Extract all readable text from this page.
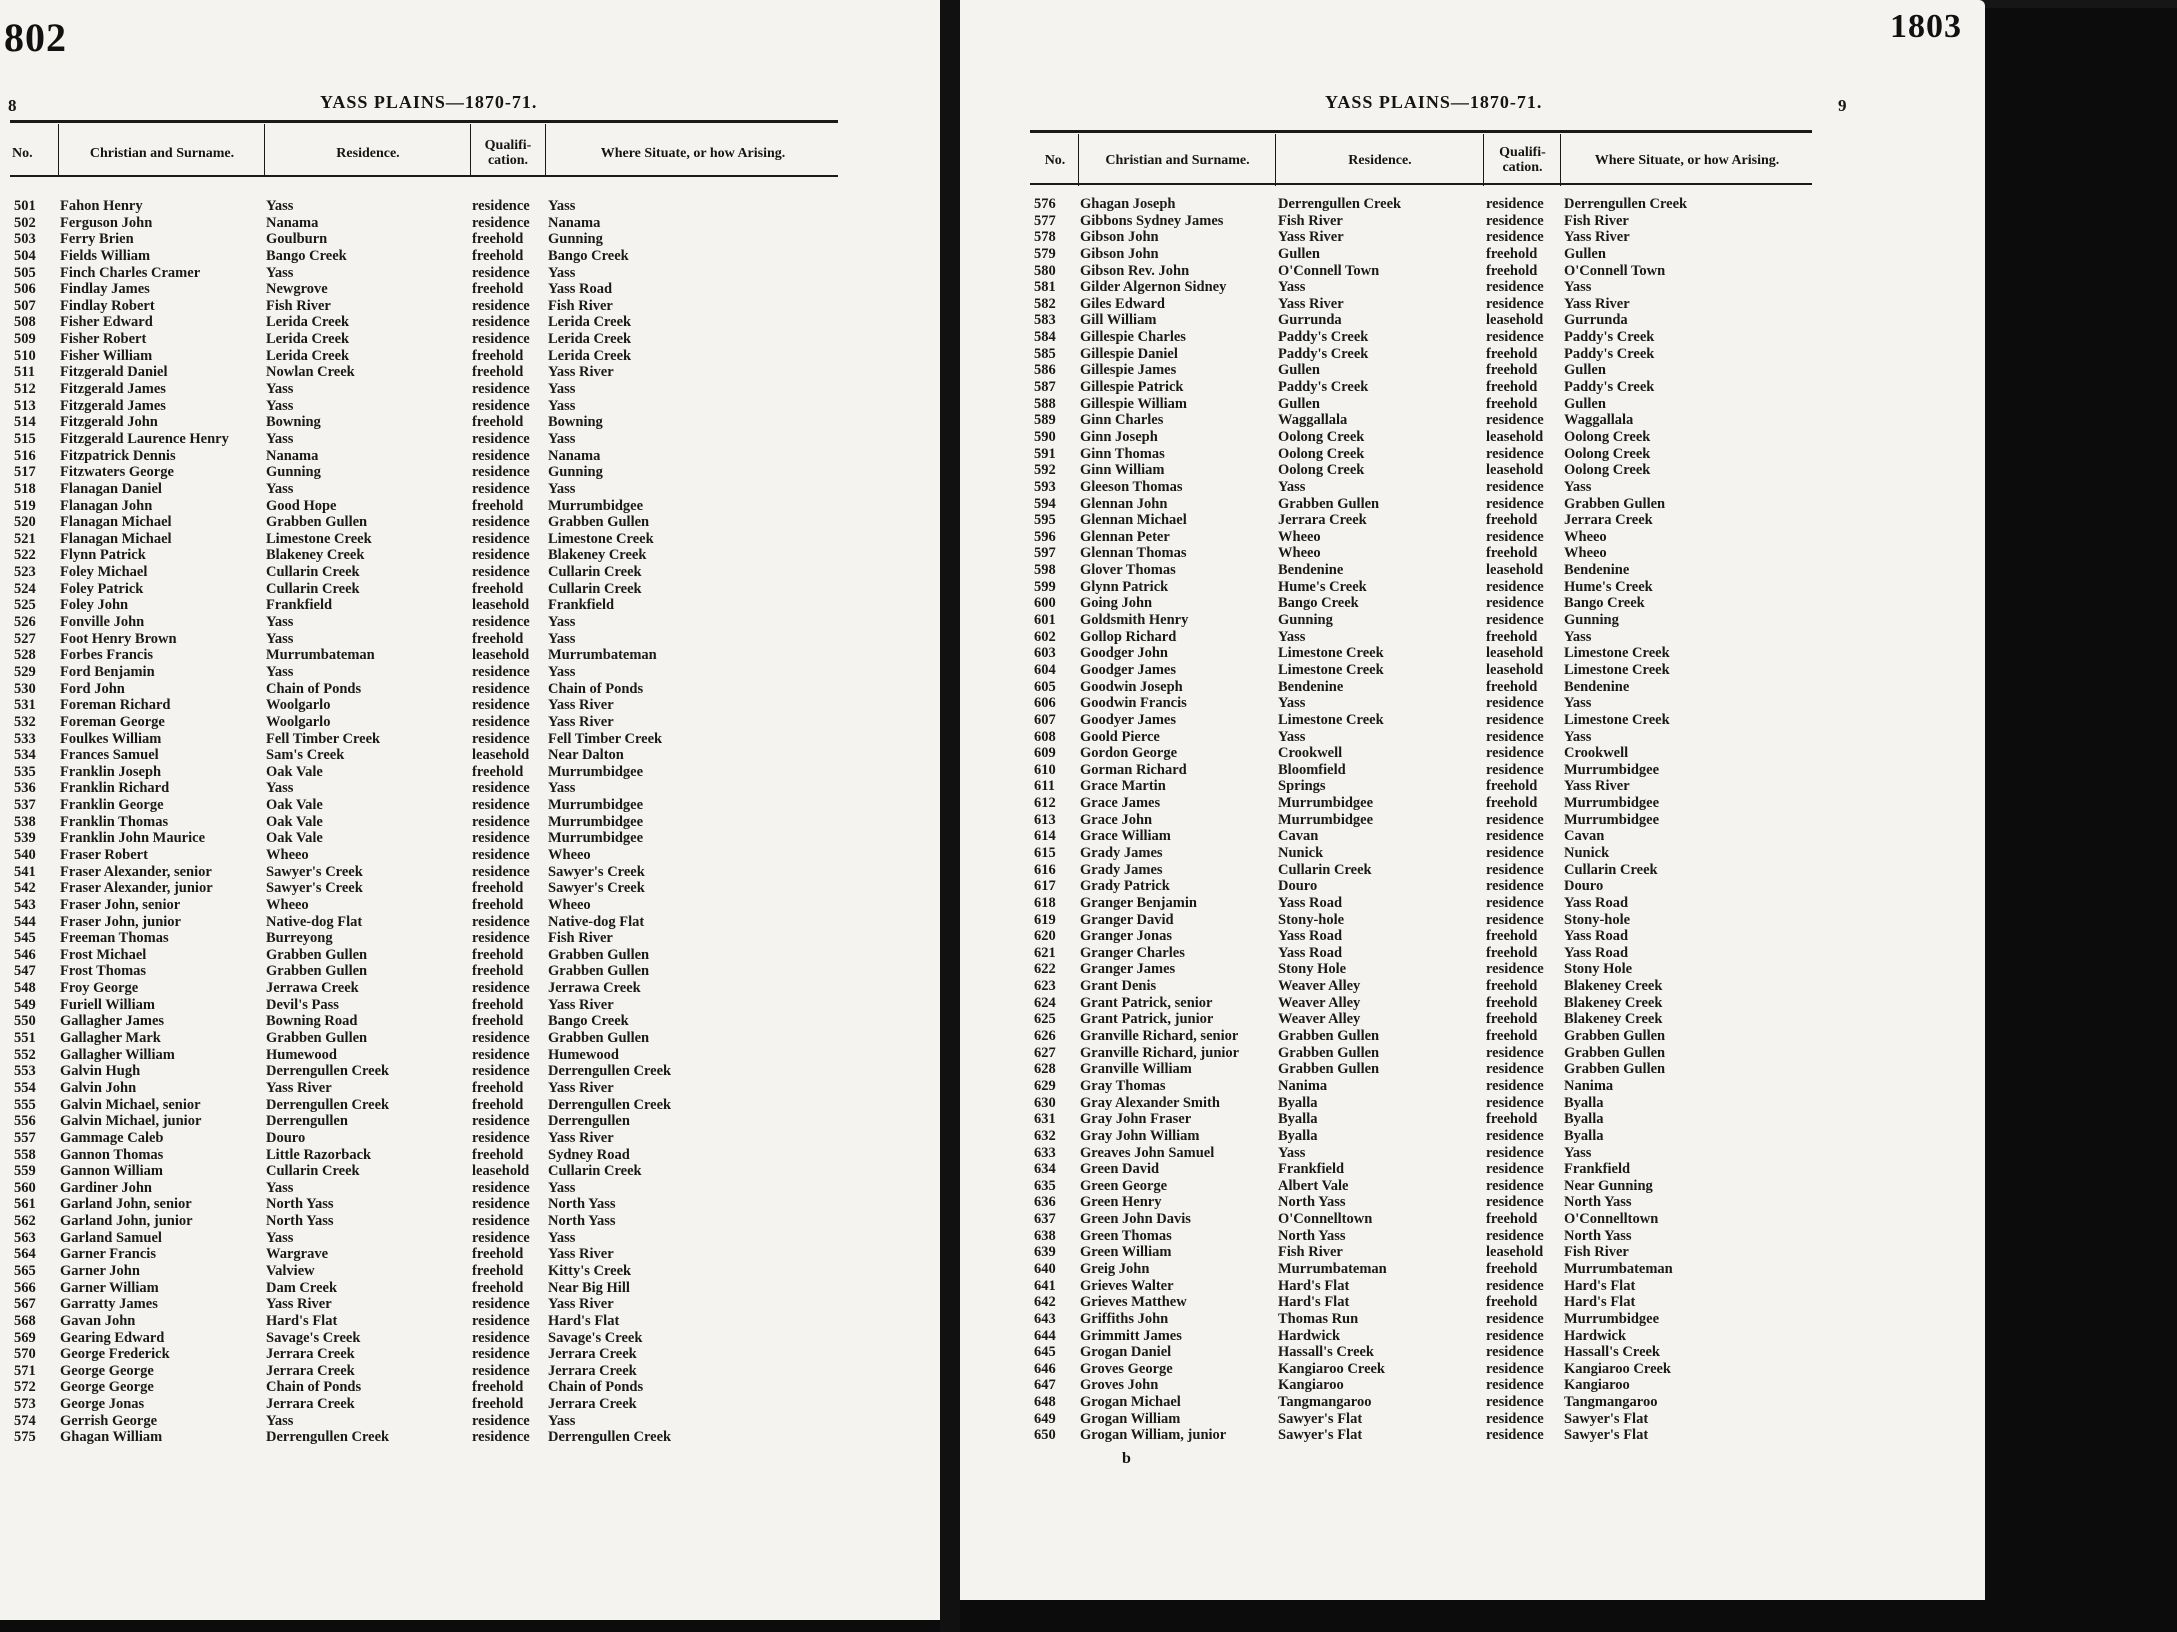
802
8	YASS PLAINS—1870-71.
No.	Christian and Surname.	Residence.	Qualifi-cation.	Where Situate, or how Arising.
501	Fahon Henry	Yass	residence	Yass
502	Ferguson John	Nanama	residence	Nanama
503	Ferry Brien	Goulburn	freehold	Gunning
504	Fields William	Bango Creek	freehold	Bango Creek
505	Finch Charles Cramer	Yass	residence	Yass
506	Findlay James	Newgrove	freehold	Yass Road
507	Findlay Robert	Fish River	residence	Fish River
508	Fisher Edward	Lerida Creek	residence	Lerida Creek
509	Fisher Robert	Lerida Creek	residence	Lerida Creek
510	Fisher William	Lerida Creek	freehold	Lerida Creek
511	Fitzgerald Daniel	Nowlan Creek	freehold	Yass River
512	Fitzgerald James	Yass	residence	Yass
513	Fitzgerald James	Yass	residence	Yass
514	Fitzgerald John	Bowning	freehold	Bowning
515	Fitzgerald Laurence Henry	Yass	residence	Yass
516	Fitzpatrick Dennis	Nanama	residence	Nanama
517	Fitzwaters George	Gunning	residence	Gunning
518	Flanagan Daniel	Yass	residence	Yass
519	Flanagan John	Good Hope	freehold	Murrumbidgee
520	Flanagan Michael	Grabben Gullen	residence	Grabben Gullen
521	Flanagan Michael	Limestone Creek	residence	Limestone Creek
522	Flynn Patrick	Blakeney Creek	residence	Blakeney Creek
523	Foley Michael	Cullarin Creek	residence	Cullarin Creek
524	Foley Patrick	Cullarin Creek	freehold	Cullarin Creek
525	Foley John	Frankfield	leasehold	Frankfield
526	Fonville John	Yass	residence	Yass
527	Foot Henry Brown	Yass	freehold	Yass
528	Forbes Francis	Murrumbateman	leasehold	Murrumbateman
529	Ford Benjamin	Yass	residence	Yass
530	Ford John	Chain of Ponds	residence	Chain of Ponds
531	Foreman Richard	Woolgarlo	residence	Yass River
532	Foreman George	Woolgarlo	residence	Yass River
533	Foulkes William	Fell Timber Creek	residence	Fell Timber Creek
534	Frances Samuel	Sam's Creek	leasehold	Near Dalton
535	Franklin Joseph	Oak Vale	freehold	Murrumbidgee
536	Franklin Richard	Yass	residence	Yass
537	Franklin George	Oak Vale	residence	Murrumbidgee
538	Franklin Thomas	Oak Vale	residence	Murrumbidgee
539	Franklin John Maurice	Oak Vale	residence	Murrumbidgee
540	Fraser Robert	Wheeo	residence	Wheeo
541	Fraser Alexander, senior	Sawyer's Creek	residence	Sawyer's Creek
542	Fraser Alexander, junior	Sawyer's Creek	freehold	Sawyer's Creek
543	Fraser John, senior	Wheeo	freehold	Wheeo
544	Fraser John, junior	Native-dog Flat	residence	Native-dog Flat
545	Freeman Thomas	Burreyong	residence	Fish River
546	Frost Michael	Grabben Gullen	freehold	Grabben Gullen
547	Frost Thomas	Grabben Gullen	freehold	Grabben Gullen
548	Froy George	Jerrawa Creek	residence	Jerrawa Creek
549	Furiell William	Devil's Pass	freehold	Yass River
550	Gallagher James	Bowning Road	freehold	Bango Creek
551	Gallagher Mark	Grabben Gullen	residence	Grabben Gullen
552	Gallagher William	Humewood	residence	Humewood
553	Galvin Hugh	Derrengullen Creek	residence	Derrengullen Creek
554	Galvin John	Yass River	freehold	Yass River
555	Galvin Michael, senior	Derrengullen Creek	freehold	Derrengullen Creek
556	Galvin Michael, junior	Derrengullen	residence	Derrengullen
557	Gammage Caleb	Douro	residence	Yass River
558	Gannon Thomas	Little Razorback	freehold	Sydney Road
559	Gannon William	Cullarin Creek	leasehold	Cullarin Creek
560	Gardiner John	Yass	residence	Yass
561	Garland John, senior	North Yass	residence	North Yass
562	Garland John, junior	North Yass	residence	North Yass
563	Garland Samuel	Yass	residence	Yass
564	Garner Francis	Wargrave	freehold	Yass River
565	Garner John	Valview	freehold	Kitty's Creek
566	Garner William	Dam Creek	freehold	Near Big Hill
567	Garratty James	Yass River	residence	Yass River
568	Gavan John	Hard's Flat	residence	Hard's Flat
569	Gearing Edward	Savage's Creek	residence	Savage's Creek
570	George Frederick	Jerrara Creek	residence	Jerrara Creek
571	George George	Jerrara Creek	residence	Jerrara Creek
572	George George	Chain of Ponds	freehold	Chain of Ponds
573	George Jonas	Jerrara Creek	freehold	Jerrara Creek
574	Gerrish George	Yass	residence	Yass
575	Ghagan William	Derrengullen Creek	residence	Derrengullen Creek
1803
9
YASS PLAINS—1870-71.
No.	Christian and Surname.	Residence.	Qualifi-cation.	Where Situate, or how Arising.
576	Ghagan Joseph	Derrengullen Creek	residence	Derrengullen Creek
577	Gibbons Sydney James	Fish River	residence	Fish River
578	Gibson John	Yass River	residence	Yass River
579	Gibson John	Gullen	freehold	Gullen
580	Gibson Rev. John	O'Connell Town	freehold	O'Connell Town
581	Gilder Algernon Sidney	Yass	residence	Yass
582	Giles Edward	Yass River	residence	Yass River
583	Gill William	Gurrunda	leasehold	Gurrunda
584	Gillespie Charles	Paddy's Creek	residence	Paddy's Creek
585	Gillespie Daniel	Paddy's Creek	freehold	Paddy's Creek
586	Gillespie James	Gullen	freehold	Gullen
587	Gillespie Patrick	Paddy's Creek	freehold	Paddy's Creek
588	Gillespie William	Gullen	freehold	Gullen
589	Ginn Charles	Waggallala	residence	Waggallala
590	Ginn Joseph	Oolong Creek	leasehold	Oolong Creek
591	Ginn Thomas	Oolong Creek	residence	Oolong Creek
592	Ginn William	Oolong Creek	leasehold	Oolong Creek
593	Gleeson Thomas	Yass	residence	Yass
594	Glennan John	Grabben Gullen	residence	Grabben Gullen
595	Glennan Michael	Jerrara Creek	freehold	Jerrara Creek
596	Glennan Peter	Wheeo	residence	Wheeo
597	Glennan Thomas	Wheeo	freehold	Wheeo
598	Glover Thomas	Bendenine	leasehold	Bendenine
599	Glynn Patrick	Hume's Creek	residence	Hume's Creek
600	Going John	Bango Creek	residence	Bango Creek
601	Goldsmith Henry	Gunning	residence	Gunning
602	Gollop Richard	Yass	freehold	Yass
603	Goodger John	Limestone Creek	leasehold	Limestone Creek
604	Goodger James	Limestone Creek	leasehold	Limestone Creek
605	Goodwin Joseph	Bendenine	freehold	Bendenine
606	Goodwin Francis	Yass	residence	Yass
607	Goodyer James	Limestone Creek	residence	Limestone Creek
608	Goold Pierce	Yass	residence	Yass
609	Gordon George	Crookwell	residence	Crookwell
610	Gorman Richard	Bloomfield	residence	Murrumbidgee
611	Grace Martin	Springs	freehold	Yass River
612	Grace James	Murrumbidgee	freehold	Murrumbidgee
613	Grace John	Murrumbidgee	residence	Murrumbidgee
614	Grace William	Cavan	residence	Cavan
615	Grady James	Nunick	residence	Nunick
616	Grady James	Cullarin Creek	residence	Cullarin Creek
617	Grady Patrick	Douro	residence	Douro
618	Granger Benjamin	Yass Road	residence	Yass Road
619	Granger David	Stony-hole	residence	Stony-hole
620	Granger Jonas	Yass Road	freehold	Yass Road
621	Granger Charles	Yass Road	freehold	Yass Road
622	Granger James	Stony Hole	residence	Stony Hole
623	Grant Denis	Weaver Alley	freehold	Blakeney Creek
624	Grant Patrick, senior	Weaver Alley	freehold	Blakeney Creek
625	Grant Patrick, junior	Weaver Alley	freehold	Blakeney Creek
626	Granville Richard, senior	Grabben Gullen	freehold	Grabben Gullen
627	Granville Richard, junior	Grabben Gullen	residence	Grabben Gullen
628	Granville William	Grabben Gullen	residence	Grabben Gullen
629	Gray Thomas	Nanima	residence	Nanima
630	Gray Alexander Smith	Byalla	residence	Byalla
631	Gray John Fraser	Byalla	freehold	Byalla
632	Gray John William	Byalla	residence	Byalla
633	Greaves John Samuel	Yass	residence	Yass
634	Green David	Frankfield	residence	Frankfield
635	Green George	Albert Vale	residence	Near Gunning
636	Green Henry	North Yass	residence	North Yass
637	Green John Davis	O'Connelltown	freehold	O'Connelltown
638	Green Thomas	North Yass	residence	North Yass
639	Green William	Fish River	leasehold	Fish River
640	Greig John	Murrumbateman	freehold	Murrumbateman
641	Grieves Walter	Hard's Flat	residence	Hard's Flat
642	Grieves Matthew	Hard's Flat	freehold	Hard's Flat
643	Griffiths John	Thomas Run	residence	Murrumbidgee
644	Grimmitt James	Hardwick	residence	Hardwick
645	Grogan Daniel	Hassall's Creek	residence	Hassall's Creek
646	Groves George	Kangiaroo Creek	residence	Kangiaroo Creek
647	Groves John	Kangiaroo	residence	Kangiaroo
648	Grogan Michael	Tangmangaroo	residence	Tangmangaroo
649	Grogan William	Sawyer's Flat	residence	Sawyer's Flat
650	Grogan William, junior	Sawyer's Flat	residence	Sawyer's Flat
b
